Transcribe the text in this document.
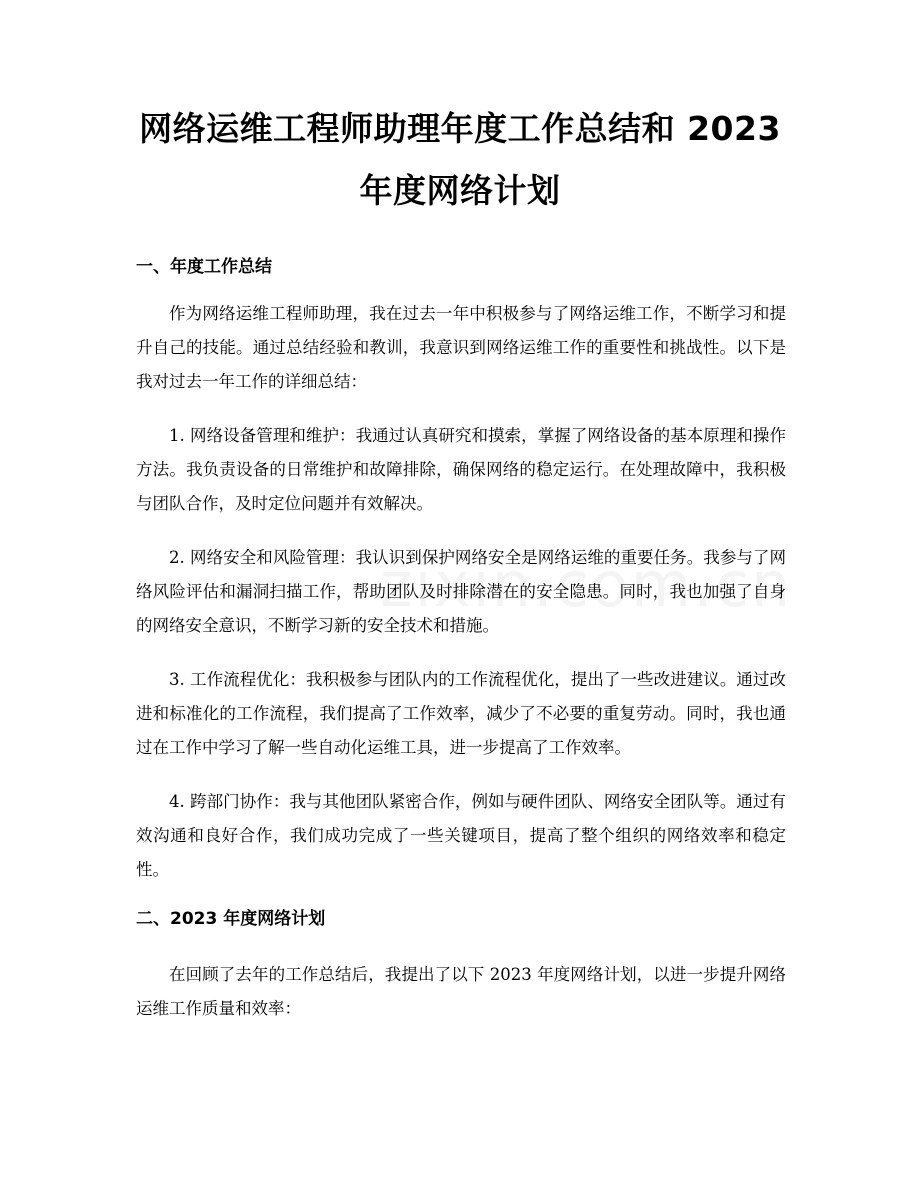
网络运维工程师助理年度工作总结和 2023 年度网络计划
一、年度工作总结

作为网络运维工程师助理，我在过去一年中积极参与了网络运维工作，不断学习和提升自己的技能。通过总结经验和教训，我意识到网络运维工作的重要性和挑战性。以下是我对过去一年工作的详细总结：

1. 网络设备管理和维护：我通过认真研究和摸索，掌握了网络设备的基本原理和操作方法。我负责设备的日常维护和故障排除，确保网络的稳定运行。在处理故障中，我积极与团队合作，及时定位问题并有效解决。

2. 网络安全和风险管理：我认识到保护网络安全是网络运维的重要任务。我参与了网络风险评估和漏洞扫描工作，帮助团队及时排除潜在的安全隐患。同时，我也加强了自身的网络安全意识，不断学习新的安全技术和措施。

3. 工作流程优化：我积极参与团队内的工作流程优化，提出了一些改进建议。通过改进和标准化的工作流程，我们提高了工作效率，减少了不必要的重复劳动。同时，我也通过在工作中学习了解一些自动化运维工具，进一步提高了工作效率。

4. 跨部门协作：我与其他团队紧密合作，例如与硬件团队、网络安全团队等。通过有效沟通和良好合作，我们成功完成了一些关键项目，提高了整个组织的网络效率和稳定性。

二、2023 年度网络计划

在回顾了去年的工作总结后，我提出了以下 2023 年度网络计划，以进一步提升网络运维工作质量和效率：
